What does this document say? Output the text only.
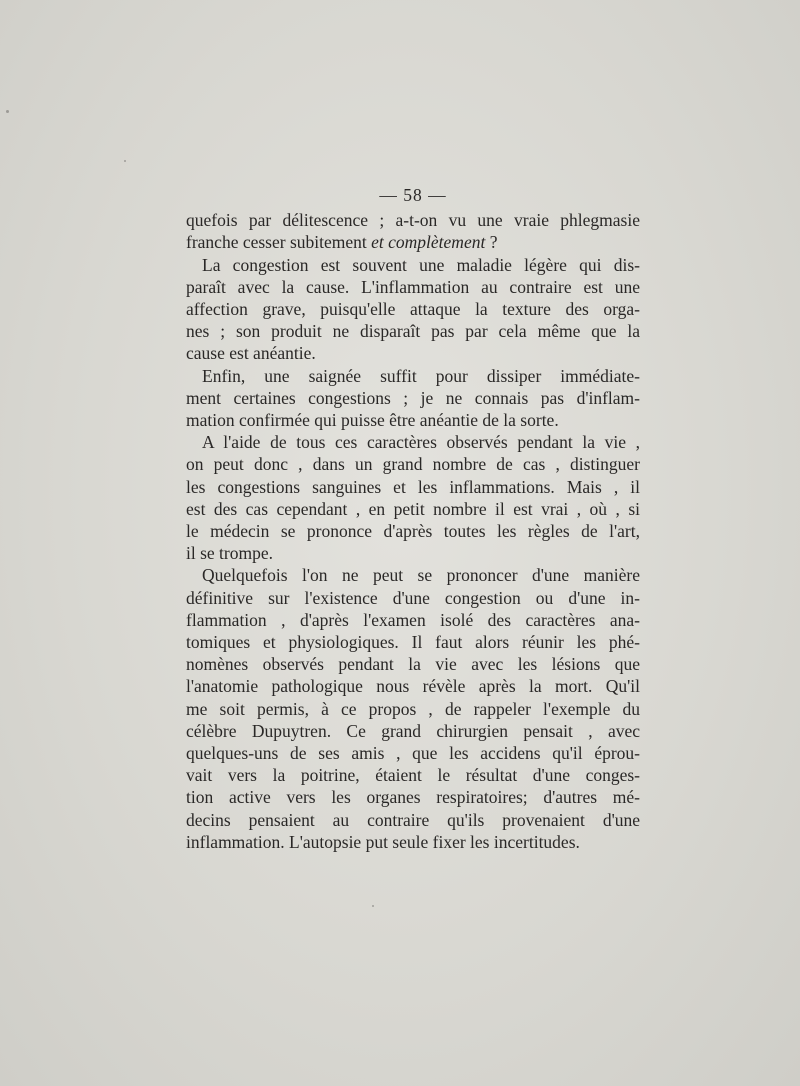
— 58 —
quefois par délitescence ; a-t-on vu une vraie phlegmasie
franche cesser subitement et complètement ?
La congestion est souvent une maladie légère qui dis-
paraît avec la cause. L'inflammation au contraire est une
affection grave, puisqu'elle attaque la texture des orga-
nes ; son produit ne disparaît pas par cela même que la
cause est anéantie.
Enfin, une saignée suffit pour dissiper immédiate-
ment certaines congestions ; je ne connais pas d'inflam-
mation confirmée qui puisse être anéantie de la sorte.
A l'aide de tous ces caractères observés pendant la vie ,
on peut donc , dans un grand nombre de cas , distinguer
les congestions sanguines et les inflammations. Mais , il
est des cas cependant , en petit nombre il est vrai , où , si
le médecin se prononce d'après toutes les règles de l'art,
il se trompe.
Quelquefois l'on ne peut se prononcer d'une manière
définitive sur l'existence d'une congestion ou d'une in-
flammation , d'après l'examen isolé des caractères ana-
tomiques et physiologiques. Il faut alors réunir les phé-
nomènes observés pendant la vie avec les lésions que
l'anatomie pathologique nous révèle après la mort. Qu'il
me soit permis, à ce propos , de rappeler l'exemple du
célèbre Dupuytren. Ce grand chirurgien pensait , avec
quelques-uns de ses amis , que les accidens qu'il éprou-
vait vers la poitrine, étaient le résultat d'une conges-
tion active vers les organes respiratoires; d'autres mé-
decins pensaient au contraire qu'ils provenaient d'une
inflammation. L'autopsie put seule fixer les incertitudes.
